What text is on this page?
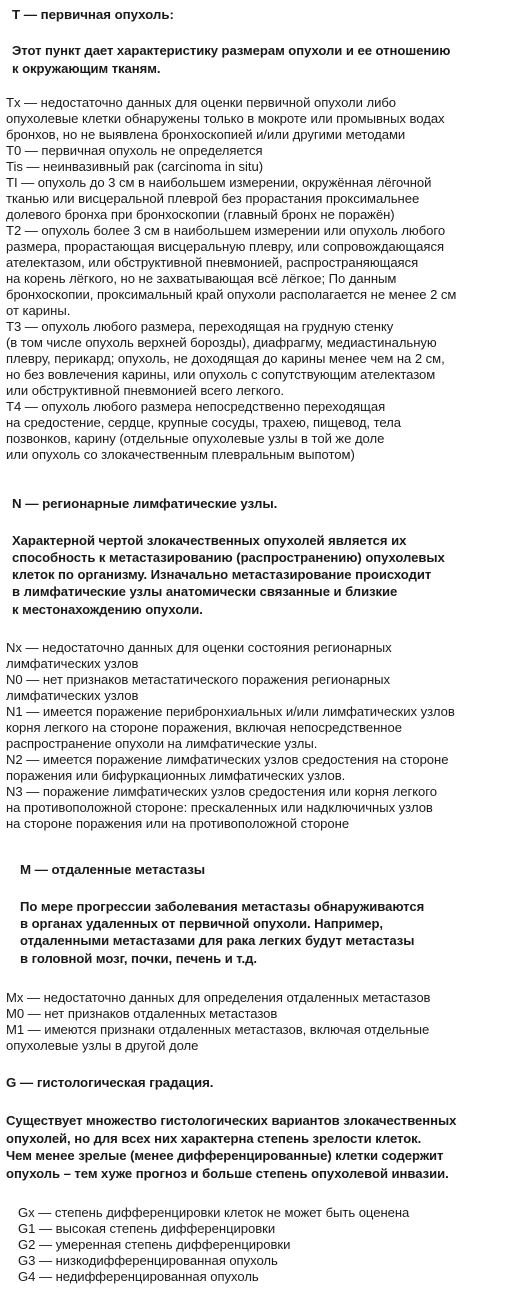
T — первичная опухоль:
Этот пункт дает характеристику размерам опухоли и ее отношению
к окружающим тканям.
Tx — недостаточно данных для оценки первичной опухоли либо
опухолевые клетки обнаружены только в мокроте или промывных водах
бронхов, но не выявлена бронхоскопией и/или другими методами
T0 — первичная опухоль не определяется
Tis — неинвазивный рак (carcinoma in situ)
TI — опухоль до 3 см в наибольшем измерении, окружённая лёгочной
тканью или висцеральной плеврой без прорастания проксимальнее
долевого бронха при бронхоскопии (главный бронх не поражён)
T2 — опухоль более 3 см в наибольшем измерении или опухоль любого
размера, прорастающая висцеральную плевру, или сопровождающаяся
ателектазом, или обструктивной пневмонией, распространяющаяся
на корень лёгкого, но не захватывающая всё лёгкое; По данным
бронхоскопии, проксимальный край опухоли располагается не менее 2 см
от карины.
T3 — опухоль любого размера, переходящая на грудную стенку
(в том числе опухоль верхней борозды), диафрагму, медиастинальную
плевру, перикард; опухоль, не доходящая до карины менее чем на 2 см,
но без вовлечения карины, или опухоль с сопутствующим ателектазом
или обструктивной пневмонией всего легкого.
T4 — опухоль любого размера непосредственно переходящая
на средостение, сердце, крупные сосуды, трахею, пищевод, тела
позвонков, карину (отдельные опухолевые узлы в той же доле
или опухоль со злокачественным плевральным выпотом)
N — регионарные лимфатические узлы.
Характерной чертой злокачественных опухолей является их
способность к метастазированию (распространению) опухолевых
клеток по организму. Изначально метастазирование происходит
в лимфатические узлы анатомически связанные и близкие
к местонахождению опухоли.
Nx — недостаточно данных для оценки состояния регионарных
лимфатических узлов
N0 — нет признаков метастатического поражения регионарных
лимфатических узлов
N1 — имеется поражение перибронхиальных и/или лимфатических узлов
корня легкого на стороне поражения, включая непосредственное
распространение опухоли на лимфатические узлы.
N2 — имеется поражение лимфатических узлов средостения на стороне
поражения или бифуркационных лимфатических узлов.
N3 — поражение лимфатических узлов средостения или корня легкого
на противоположной стороне: прескаленных или надключичных узлов
на стороне поражения или на противоположной стороне
M — отдаленные метастазы
По мере прогрессии заболевания метастазы обнаруживаются
в органах удаленных от первичной опухоли. Например,
отдаленными метастазами для рака легких будут метастазы
в головной мозг, почки, печень и т.д.
Mx — недостаточно данных для определения отдаленных метастазов
M0 — нет признаков отдаленных метастазов
M1 — имеются признаки отдаленных метастазов, включая отдельные
опухолевые узлы в другой доле
G — гистологическая градация.
Существует множество гистологических вариантов злокачественных
опухолей, но для всех них характерна степень зрелости клеток.
Чем менее зрелые (менее дифференцированные) клетки содержит
опухоль – тем хуже прогноз и больше степень опухолевой инвазии.
Gx — степень дифференцировки клеток не может быть оценена
G1 — высокая степень дифференцировки
G2 — умеренная степень дифференцировки
G3 — низкодифференцированная опухоль
G4 — недифференцированная опухоль
